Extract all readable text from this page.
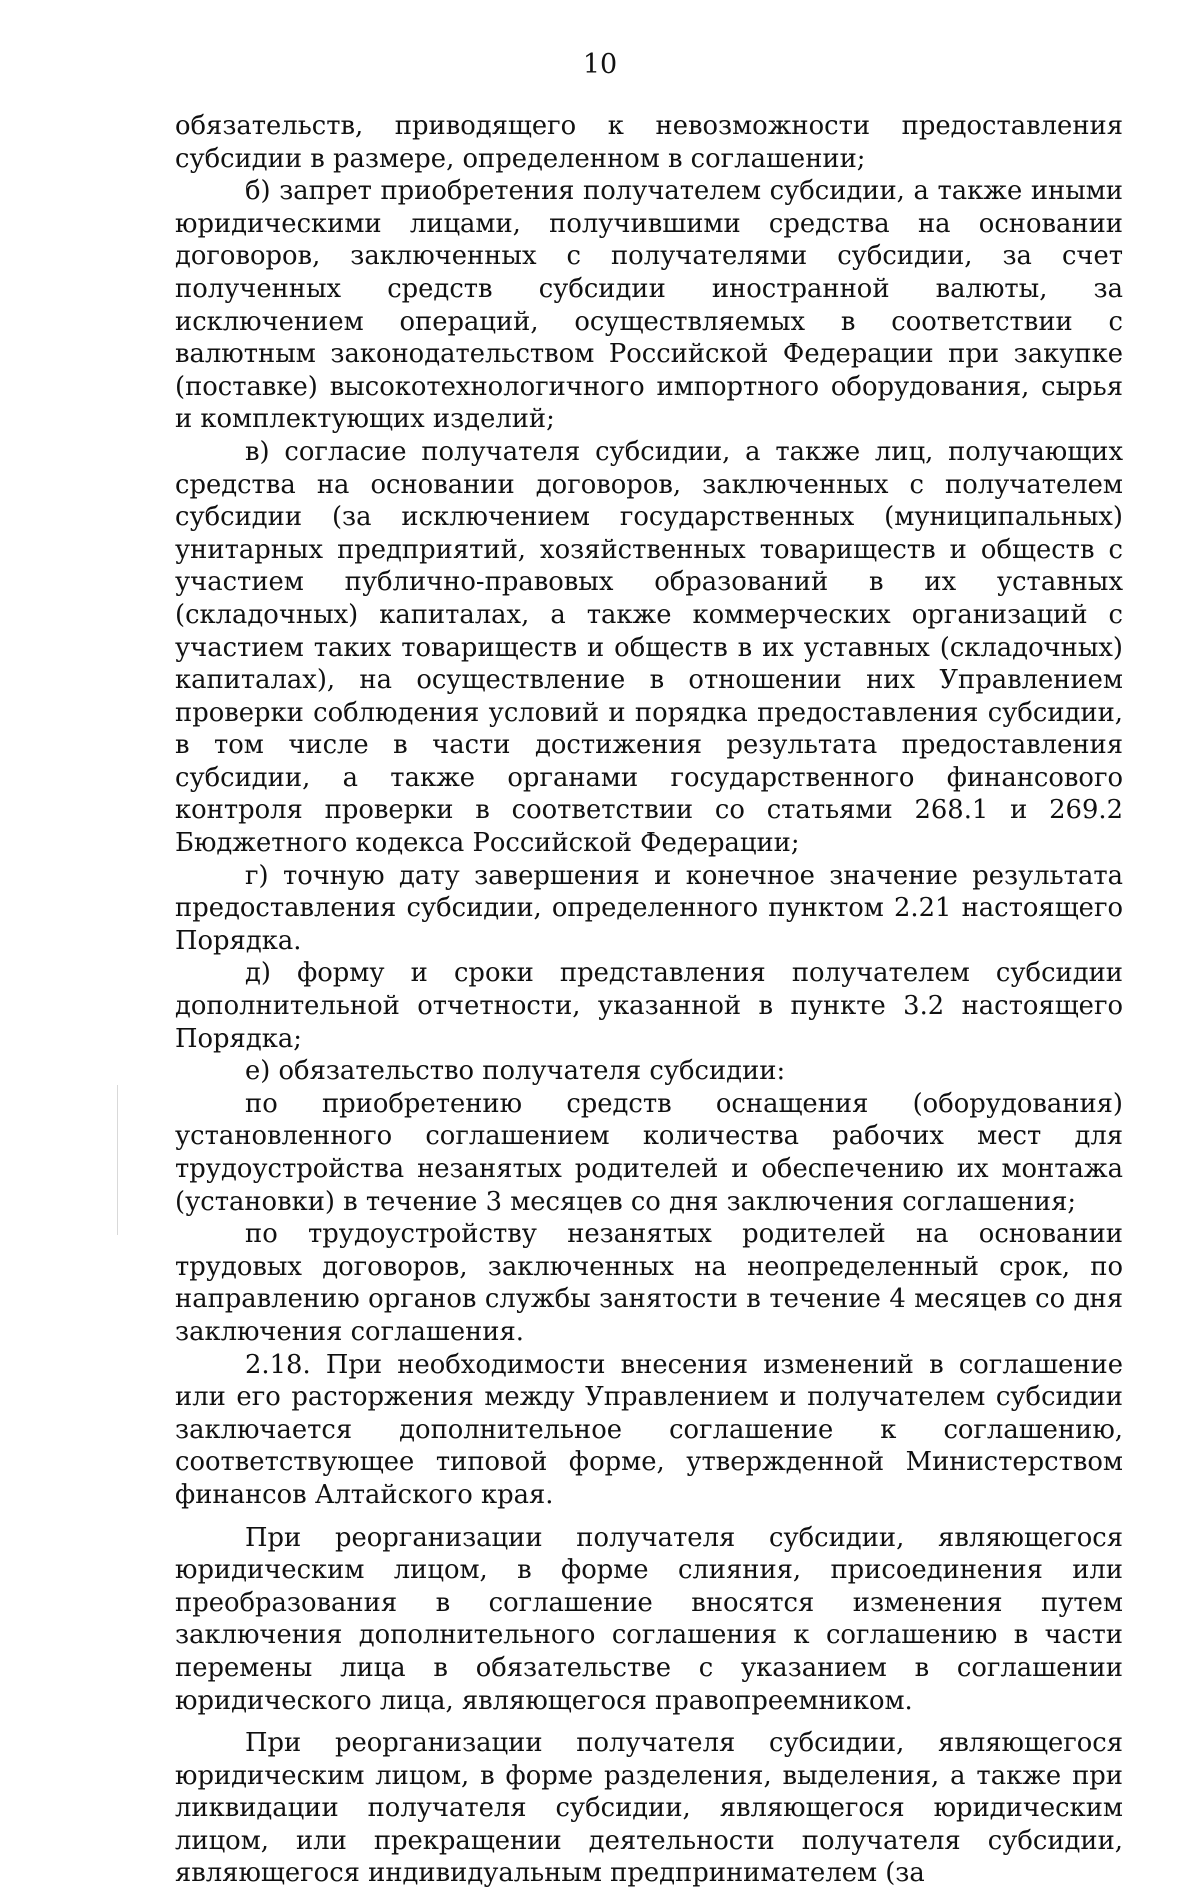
10

обязательств, приводящего к невозможности предоставления субсидии в размере, определенном в соглашении;

б) запрет приобретения получателем субсидии, а также иными юридическими лицами, получившими средства на основании договоров, заключенных с получателями субсидии, за счет полученных средств субсидии иностранной валюты, за исключением операций, осуществляемых в соответствии с валютным законодательством Российской Федерации при закупке (поставке) высокотехнологичного импортного оборудования, сырья и комплектующих изделий;

в) согласие получателя субсидии, а также лиц, получающих средства на основании договоров, заключенных с получателем субсидии (за исключением государственных (муниципальных) унитарных предприятий, хозяйственных товариществ и обществ с участием публично-правовых образований в их уставных (складочных) капиталах, а также коммерческих организаций с участием таких товариществ и обществ в их уставных (складочных) капиталах), на осуществление в отношении них Управлением проверки соблюдения условий и порядка предоставления субсидии, в том числе в части достижения результата предоставления субсидии, а также органами государственного финансового контроля проверки в соответствии со статьями 268.1 и 269.2 Бюджетного кодекса Российской Федерации;

г) точную дату завершения и конечное значение результата предоставления субсидии, определенного пунктом 2.21 настоящего Порядка.

д) форму и сроки представления получателем субсидии дополнительной отчетности, указанной в пункте 3.2 настоящего Порядка;

е) обязательство получателя субсидии:

по приобретению средств оснащения (оборудования) установленного соглашением количества рабочих мест для трудоустройства незанятых родителей и обеспечению их монтажа (установки) в течение 3 месяцев со дня заключения соглашения;

по трудоустройству незанятых родителей на основании трудовых договоров, заключенных на неопределенный срок, по направлению органов службы занятости в течение 4 месяцев со дня заключения соглашения.

2.18. При необходимости внесения изменений в соглашение или его расторжения между Управлением и получателем субсидии заключается дополнительное соглашение к соглашению, соответствующее типовой форме, утвержденной Министерством финансов Алтайского края.

При реорганизации получателя субсидии, являющегося юридическим лицом, в форме слияния, присоединения или преобразования в соглашение вносятся изменения путем заключения дополнительного соглашения к соглашению в части перемены лица в обязательстве с указанием в соглашении юридического лица, являющегося правопреемником.

При реорганизации получателя субсидии, являющегося юридическим лицом, в форме разделения, выделения, а также при ликвидации получателя субсидии, являющегося юридическим лицом, или прекращении деятельности получателя субсидии, являющегося индивидуальным предпринимателем (за
